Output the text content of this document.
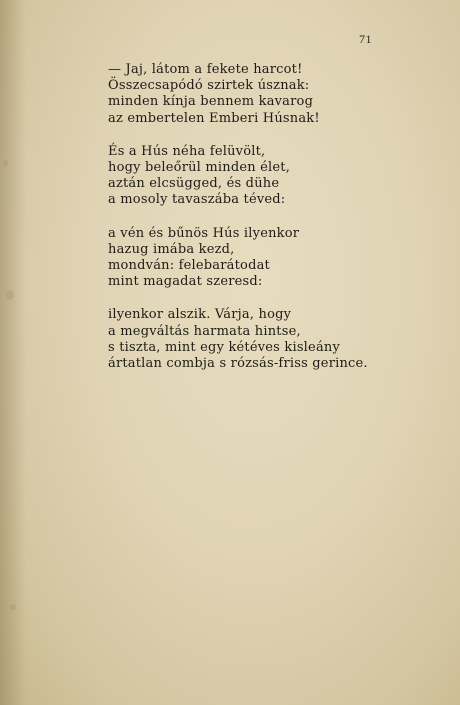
71
— Jaj, látom a fekete harcot!
Összecsapódó szirtek úsznak:
minden kínja bennem kavarog
az embertelen Emberi Húsnak!
És a Hús néha felüvölt,
hogy beleőrül minden élet,
aztán elcsügged, és dühe
a mosoly tavaszába téved:
a vén és bűnös Hús ilyenkor
hazug imába kezd,
mondván: felebarátodat
mint magadat szeresd:
ilyenkor alszik. Várja, hogy
a megváltás harmata hintse,
s tiszta, mint egy kétéves kisleány
ártatlan combja s rózsás-friss gerince.
